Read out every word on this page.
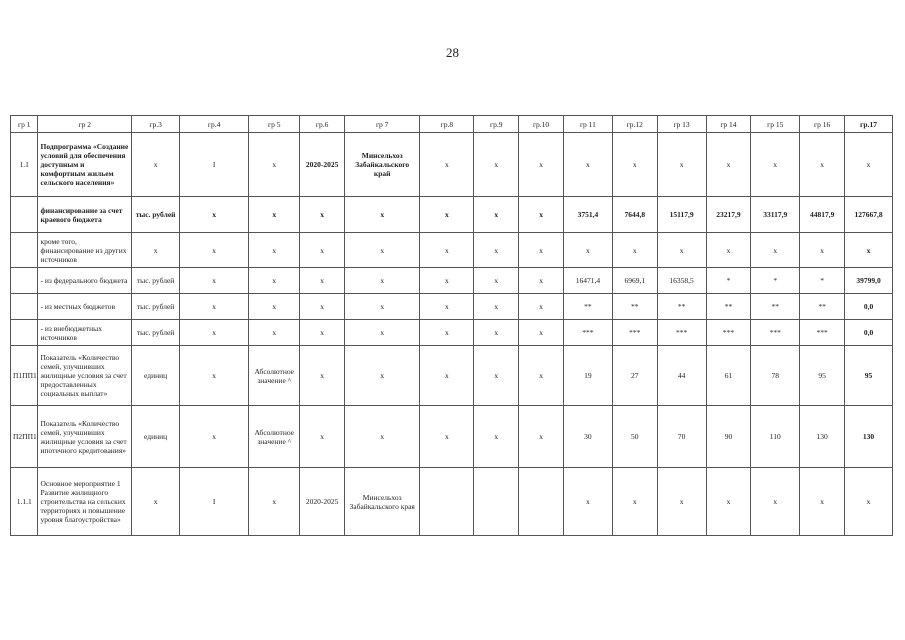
28
гр 1	гр 2	гр.3	гр.4	гр 5	гр.6	гр 7	гр.8	гр.9	гр.10	гр 11	гр.12	гр 13	гр 14	гр 15	гр 16	гр.17
1.1	Подпрограмма «Создание условий для обеспечения доступным и комфортным жильем сельского населения»	х	I	х	2020-2025	Минсельхоз Забайкальского край	х	х	х	х	х	х	х	х	х	х
	финансирование за счет краевого бюджета	тыс. рублей	х	х	х	х	х	х	х	3751,4	7644,8	15117,9	23217,9	33117,9	44817,9	127667,8
	кроме того, финансирование из других источников	х	х	х	х	х	х	х	х	х	х	х	х	х	х	х
	- из федерального бюджета	тыс. рублей	х	х	х	х	х	х	х	16471,4	6969,1	16358,5	*	*	*	39799,0
	- из местных бюджетов	тыс. рублей	х	х	х	х	х	х	х	**	**	**	**	**	**	0,0
	- из внебюджетных источников	тыс. рублей	х	х	х	х	х	х	х	***	***	***	***	***	***	0,0
П1ПП1	Показатель «Количество семей, улучшивших жилищные условия за счет предоставленных социальных выплат»	единиц	х	Абсолютное значение ^	х	х	х	х	х	19	27	44	61	78	95	95
П2ПП1	Показатель «Количество семей, улучшивших жилищные условия за счет ипотечного кредитования»	единиц	х	Абсолютное значение ^	х	х	х	х	х	30	50	70	90	110	130	130
1.1.1	Основное мероприятие 1 Развитие жилищного строительства на сельских территориях и повышение уровня благоустройства»	х	I	х	2020-2025	Минсельхоз Забайкальского края				х	х	х	х	х	х	х
